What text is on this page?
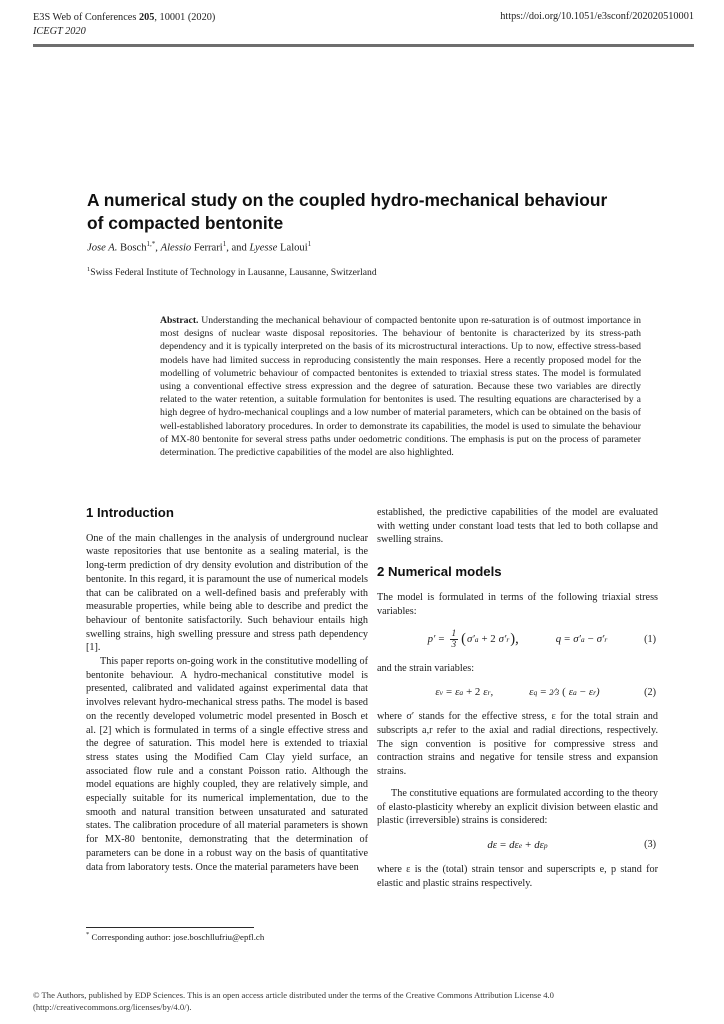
E3S Web of Conferences 205, 10001 (2020)
ICEGT 2020
https://doi.org/10.1051/e3sconf/202020510001
A numerical study on the coupled hydro-mechanical behaviour
of compacted bentonite
Jose A. Bosch$^{1,*}$, Alessio Ferrari$^1$, and Lyesse Laloui$^1$
$^1$Swiss Federal Institute of Technology in Lausanne, Lausanne, Switzerland
Abstract. Understanding the mechanical behaviour of compacted bentonite upon re-saturation is of outmost importance in most designs of nuclear waste disposal repositories. The behaviour of bentonite is characterized by its stress-path dependency and it is typically interpreted on the basis of its microstructural interactions. Up to now, effective stress-based models have had limited success in reproducing consistently the main responses. Here a recently proposed model for the modelling of volumetric behaviour of compacted bentonites is extended to triaxial stress states. The model is formulated using a conventional effective stress expression and the degree of saturation. Because these two variables are directly related to the water retention, a suitable formulation for bentonites is used. The resulting equations are characterised by a high degree of hydro-mechanical couplings and a low number of material parameters, which can be obtained on the basis of well-established laboratory procedures. In order to demonstrate its capabilities, the model is used to simulate the behaviour of MX-80 bentonite for several stress paths under oedometric conditions. The emphasis is put on the process of parameter determination. The predictive capabilities of the model are also highlighted.
1 Introduction

One of the main challenges in the analysis of underground nuclear waste repositories that use bentonite as a sealing material, is the long-term prediction of dry density evolution and distribution of the bentonite. In this regard, it is paramount the use of numerical models that can be calibrated on a well-defined basis and preferably with measurable properties, while being able to describe and predict the behaviour of bentonite satisfactorily. Such behaviour entails high swelling strains, high swelling pressure and stress path dependency [1].

This paper reports on-going work in the constitutive modelling of bentonite behaviour. A hydro-mechanical constitutive model is presented, calibrated and validated against experimental data that involves relevant hydro-mechanical stress paths. The model is based on the recently developed volumetric model presented in Bosch et al. [2] which is formulated in terms of a single effective stress and the degree of saturation. This model here is extended to triaxial stress states using the Modified Cam Clay yield surface, an associated flow rule and a constant Poisson ratio. Although the model equations are highly coupled, they are relatively simple, and especially suitable for its numerical implementation, due to the smooth and natural transition between unsaturated and saturated states. The calibration procedure of all material parameters is shown for MX-80 bentonite, demonstrating that the determination of parameters can be done in a robust way on the basis of quantitative data from laboratory tests. Once the material parameters have been

established, the predictive capabilities of the model are evaluated with wetting under constant load tests that led to both collapse and swelling strains.

2 Numerical models

The model is formulated in terms of the following triaxial stress variables:

$p' = \frac{1}{3}$ ( σ′ a + 2 σ′ r ),	q = σ′ a − σ′ r	(1)

and the strain variables:

ε v = ε a + 2 ε r ,	ε q = 2 ⁄ 3 ( ε a − ε r )	(2)

where σ′ stands for the effective stress, ε for the total strain and subscripts a,r refer to the axial and radial directions, respectively. The sign convention is positive for compressive stress and contraction strains and negative for tensile stress and expansion strains.

The constitutive equations are formulated according to the theory of elasto-plasticity whereby an explicit division between elastic and plastic (irreversible) strains is considered:

dε = dε e + dε p	(3)

where ε is the (total) strain tensor and superscripts e, p stand for elastic and plastic strains respectively.

* Corresponding author: jose.boschllufriu@epfl.ch
© The Authors, published by EDP Sciences. This is an open access article distributed under the terms of the Creative Commons Attribution License 4.0
(http://creativecommons.org/licenses/by/4.0/).
